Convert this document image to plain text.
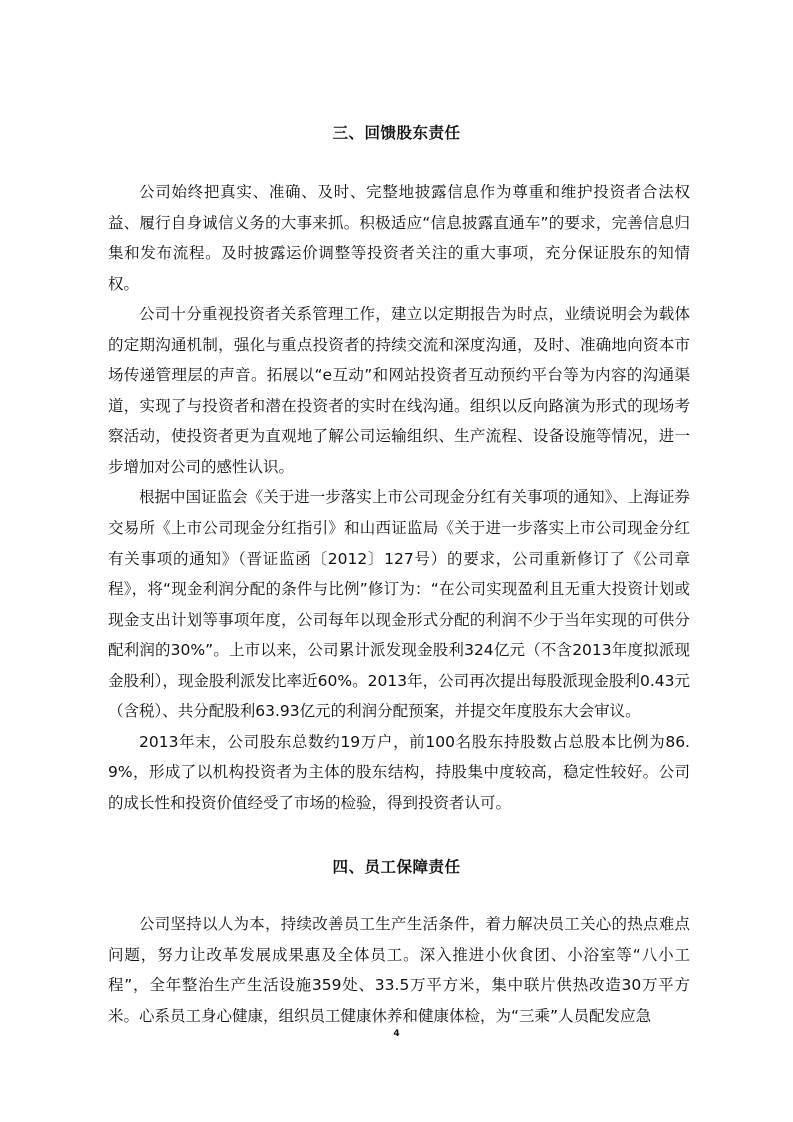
三、回馈股东责任

公司始终把真实、准确、及时、完整地披露信息作为尊重和维护投资者合法权益、履行自身诚信义务的大事来抓。积极适应“信息披露直通车”的要求，完善信息归集和发布流程。及时披露运价调整等投资者关注的重大事项，充分保证股东的知情权。

公司十分重视投资者关系管理工作，建立以定期报告为时点，业绩说明会为载体的定期沟通机制，强化与重点投资者的持续交流和深度沟通，及时、准确地向资本市场传递管理层的声音。拓展以“e互动”和网站投资者互动预约平台等为内容的沟通渠道，实现了与投资者和潜在投资者的实时在线沟通。组织以反向路演为形式的现场考察活动，使投资者更为直观地了解公司运输组织、生产流程、设备设施等情况，进一步增加对公司的感性认识。

根据中国证监会《关于进一步落实上市公司现金分红有关事项的通知》、上海证券交易所《上市公司现金分红指引》和山西证监局《关于进一步落实上市公司现金分红有关事项的通知》（晋证监函〔2012〕127号）的要求，公司重新修订了《公司章程》，将“现金利润分配的条件与比例”修订为：“在公司实现盈利且无重大投资计划或现金支出计划等事项年度，公司每年以现金形式分配的利润不少于当年实现的可供分配利润的30%”。上市以来，公司累计派发现金股利324亿元（不含2013年度拟派现金股利），现金股利派发比率近60%。2013年，公司再次提出每股派现金股利0.43元（含税）、共分配股利63.93亿元的利润分配预案，并提交年度股东大会审议。

2013年末，公司股东总数约19万户，前100名股东持股数占总股本比例为86.9%，形成了以机构投资者为主体的股东结构，持股集中度较高，稳定性较好。公司的成长性和投资价值经受了市场的检验，得到投资者认可。

四、员工保障责任

公司坚持以人为本，持续改善员工生产生活条件，着力解决员工关心的热点难点问题，努力让改革发展成果惠及全体员工。深入推进小伙食团、小浴室等“八小工程”，全年整治生产生活设施359处、33.5万平方米，集中联片供热改造30万平方米。心系员工身心健康，组织员工健康休养和健康体检，为“三乘”人员配发应急

4
